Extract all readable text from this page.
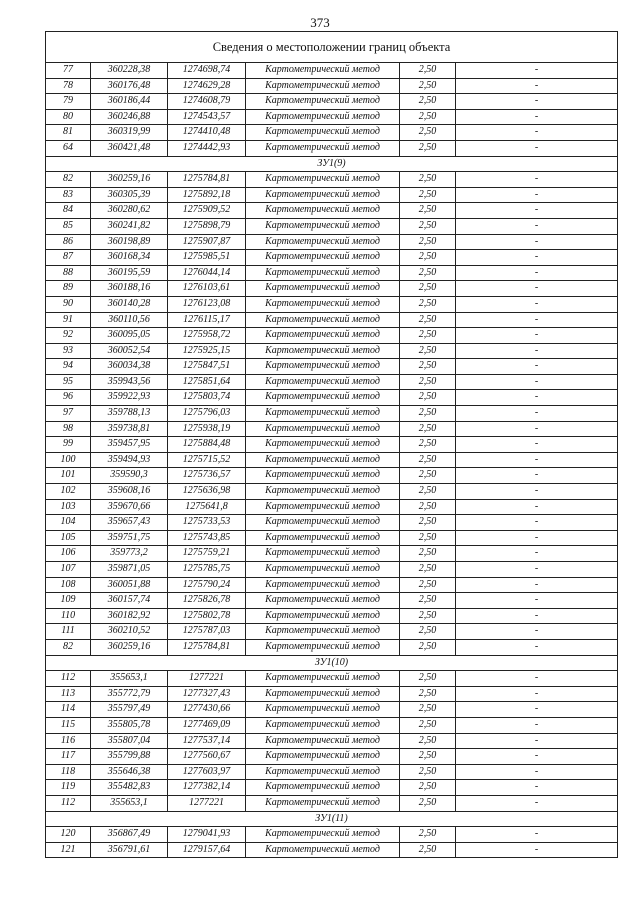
373
Сведения о местоположении границ объекта					
77	360228,38	1274698,74	Картометрический метод	2,50	-
78	360176,48	1274629,28	Картометрический метод	2,50	-
79	360186,44	1274608,79	Картометрический метод	2,50	-
80	360246,88	1274543,57	Картометрический метод	2,50	-
81	360319,99	1274410,48	Картометрический метод	2,50	-
64	360421,48	1274442,93	Картометрический метод	2,50	-
ЗУ1(9)					
82	360259,16	1275784,81	Картометрический метод	2,50	-
83	360305,39	1275892,18	Картометрический метод	2,50	-
84	360280,62	1275909,52	Картометрический метод	2,50	-
85	360241,82	1275898,79	Картометрический метод	2,50	-
86	360198,89	1275907,87	Картометрический метод	2,50	-
87	360168,34	1275985,51	Картометрический метод	2,50	-
88	360195,59	1276044,14	Картометрический метод	2,50	-
89	360188,16	1276103,61	Картометрический метод	2,50	-
90	360140,28	1276123,08	Картометрический метод	2,50	-
91	360110,56	1276115,17	Картометрический метод	2,50	-
92	360095,05	1275958,72	Картометрический метод	2,50	-
93	360052,54	1275925,15	Картометрический метод	2,50	-
94	360034,38	1275847,51	Картометрический метод	2,50	-
95	359943,56	1275851,64	Картометрический метод	2,50	-
96	359922,93	1275803,74	Картометрический метод	2,50	-
97	359788,13	1275796,03	Картометрический метод	2,50	-
98	359738,81	1275938,19	Картометрический метод	2,50	-
99	359457,95	1275884,48	Картометрический метод	2,50	-
100	359494,93	1275715,52	Картометрический метод	2,50	-
101	359590,3	1275736,57	Картометрический метод	2,50	-
102	359608,16	1275636,98	Картометрический метод	2,50	-
103	359670,66	1275641,8	Картометрический метод	2,50	-
104	359657,43	1275733,53	Картометрический метод	2,50	-
105	359751,75	1275743,85	Картометрический метод	2,50	-
106	359773,2	1275759,21	Картометрический метод	2,50	-
107	359871,05	1275785,75	Картометрический метод	2,50	-
108	360051,88	1275790,24	Картометрический метод	2,50	-
109	360157,74	1275826,78	Картометрический метод	2,50	-
110	360182,92	1275802,78	Картометрический метод	2,50	-
111	360210,52	1275787,03	Картометрический метод	2,50	-
82	360259,16	1275784,81	Картометрический метод	2,50	-
ЗУ1(10)					
112	355653,1	1277221	Картометрический метод	2,50	-
113	355772,79	1277327,43	Картометрический метод	2,50	-
114	355797,49	1277430,66	Картометрический метод	2,50	-
115	355805,78	1277469,09	Картометрический метод	2,50	-
116	355807,04	1277537,14	Картометрический метод	2,50	-
117	355799,88	1277560,67	Картометрический метод	2,50	-
118	355646,38	1277603,97	Картометрический метод	2,50	-
119	355482,83	1277382,14	Картометрический метод	2,50	-
112	355653,1	1277221	Картометрический метод	2,50	-
ЗУ1(11)					
120	356867,49	1279041,93	Картометрический метод	2,50	-
121	356791,61	1279157,64	Картометрический метод	2,50	-
